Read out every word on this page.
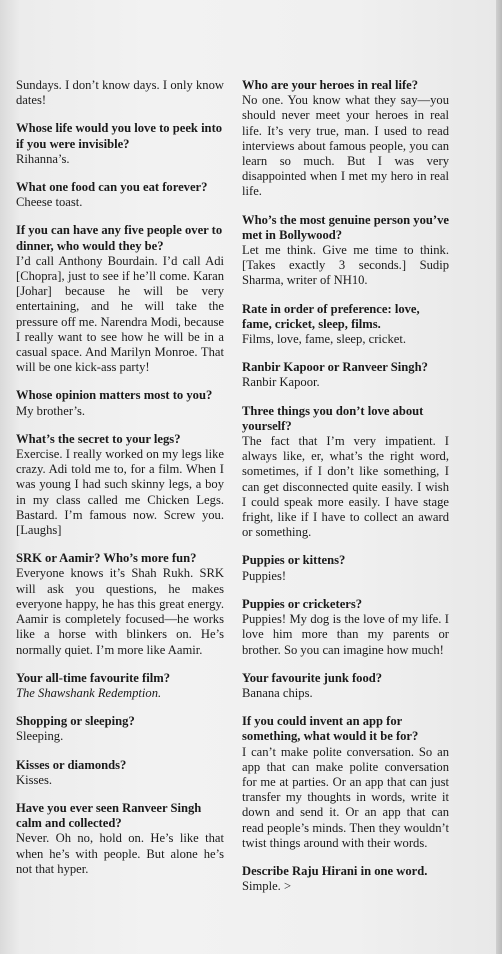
Sundays. I don’t know days. I only know dates!

Whose life would you love to peek into if you were invisible?

Rihanna’s.

What one food can you eat forever?

Cheese toast.

If you can have any five people over to dinner, who would they be?

I’d call Anthony Bourdain. I’d call Adi [Chopra], just to see if he’ll come. Karan [Johar] because he will be very entertaining, and he will take the pressure off me. Narendra Modi, because I really want to see how he will be in a casual space. And Marilyn Monroe. That will be one kick-ass party!

Whose opinion matters most to you?

My brother’s.

What’s the secret to your legs?

Exercise. I really worked on my legs like crazy. Adi told me to, for a film. When I was young I had such skinny legs, a boy in my class called me Chicken Legs. Bastard. I’m famous now. Screw you. [Laughs]

SRK or Aamir? Who’s more fun?

Everyone knows it’s Shah Rukh. SRK will ask you questions, he makes everyone happy, he has this great energy. Aamir is completely focused—he works like a horse with blinkers on. He’s normally quiet. I’m more like Aamir.

Your all-time favourite film?

The Shawshank Redemption.

Shopping or sleeping?

Sleeping.

Kisses or diamonds?

Kisses.

Have you ever seen Ranveer Singh calm and collected?

Never. Oh no, hold on. He’s like that when he’s with people. But alone he’s not that hyper.

Who are your heroes in real life?

No one. You know what they say—you should never meet your heroes in real life. It’s very true, man. I used to read interviews about famous people, you can learn so much. But I was very disappointed when I met my hero in real life.

Who’s the most genuine person you’ve met in Bollywood?

Let me think. Give me time to think. [Takes exactly 3 seconds.] Sudip Sharma, writer of NH10.

Rate in order of preference: love, fame, cricket, sleep, films.

Films, love, fame, sleep, cricket.

Ranbir Kapoor or Ranveer Singh?

Ranbir Kapoor.

Three things you don’t love about yourself?

The fact that I’m very impatient. I always like, er, what’s the right word, sometimes, if I don’t like something, I can get disconnected quite easily. I wish I could speak more easily. I have stage fright, like if I have to collect an award or something.

Puppies or kittens?

Puppies!

Puppies or cricketers?

Puppies! My dog is the love of my life. I love him more than my parents or brother. So you can imagine how much!

Your favourite junk food?

Banana chips.

If you could invent an app for something, what would it be for?

I can’t make polite conversation. So an app that can make polite conversation for me at parties. Or an app that can just transfer my thoughts in words, write it down and send it. Or an app that can read people’s minds. Then they wouldn’t twist things around with their words.

Describe Raju Hirani in one word.

Simple. >
